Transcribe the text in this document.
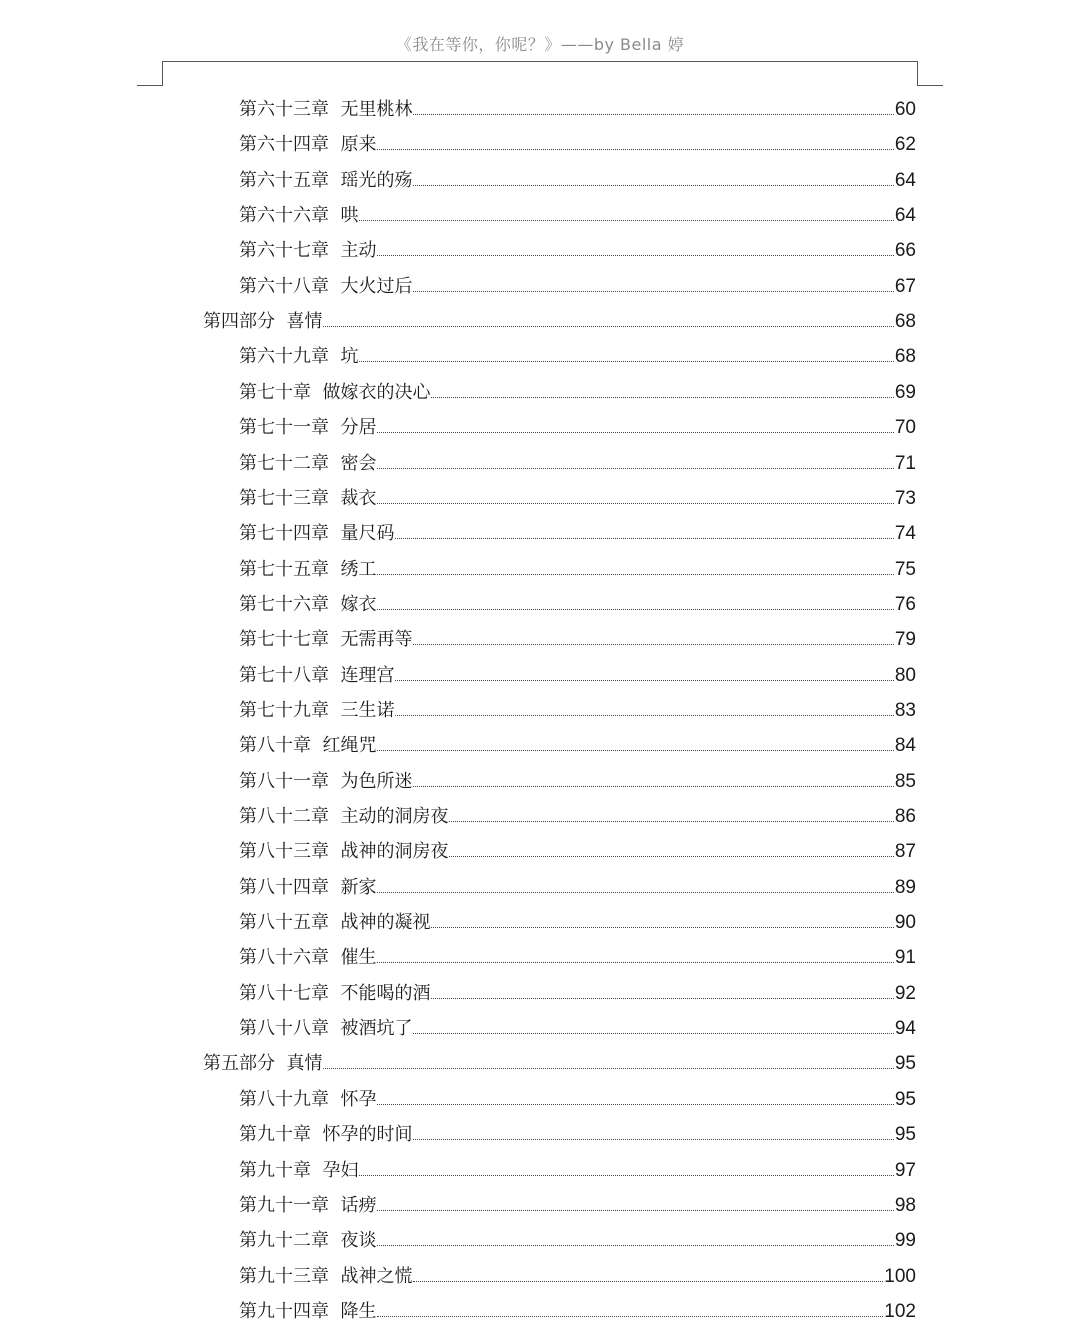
《我在等你，你呢？》——by Bella 婷
第六十三章  无里桃林	60
第六十四章  原来	62
第六十五章  瑶光的殇	64
第六十六章  哄	64
第六十七章  主动	66
第六十八章  大火过后	67
第四部分  喜情	68
第六十九章  坑	68
第七十章  做嫁衣的决心	69
第七十一章  分居	70
第七十二章  密会	71
第七十三章  裁衣	73
第七十四章  量尺码	74
第七十五章  绣工	75
第七十六章  嫁衣	76
第七十七章  无需再等	79
第七十八章  连理宫	80
第七十九章  三生诺	83
第八十章  红绳咒	84
第八十一章  为色所迷	85
第八十二章  主动的洞房夜	86
第八十三章  战神的洞房夜	87
第八十四章  新家	89
第八十五章  战神的凝视	90
第八十六章  催生	91
第八十七章  不能喝的酒	92
第八十八章  被酒坑了	94
第五部分  真情	95
第八十九章  怀孕	95
第九十章  怀孕的时间	95
第九十章  孕妇	97
第九十一章  话痨	98
第九十二章  夜谈	99
第九十三章  战神之慌	100
第九十四章  降生	102
